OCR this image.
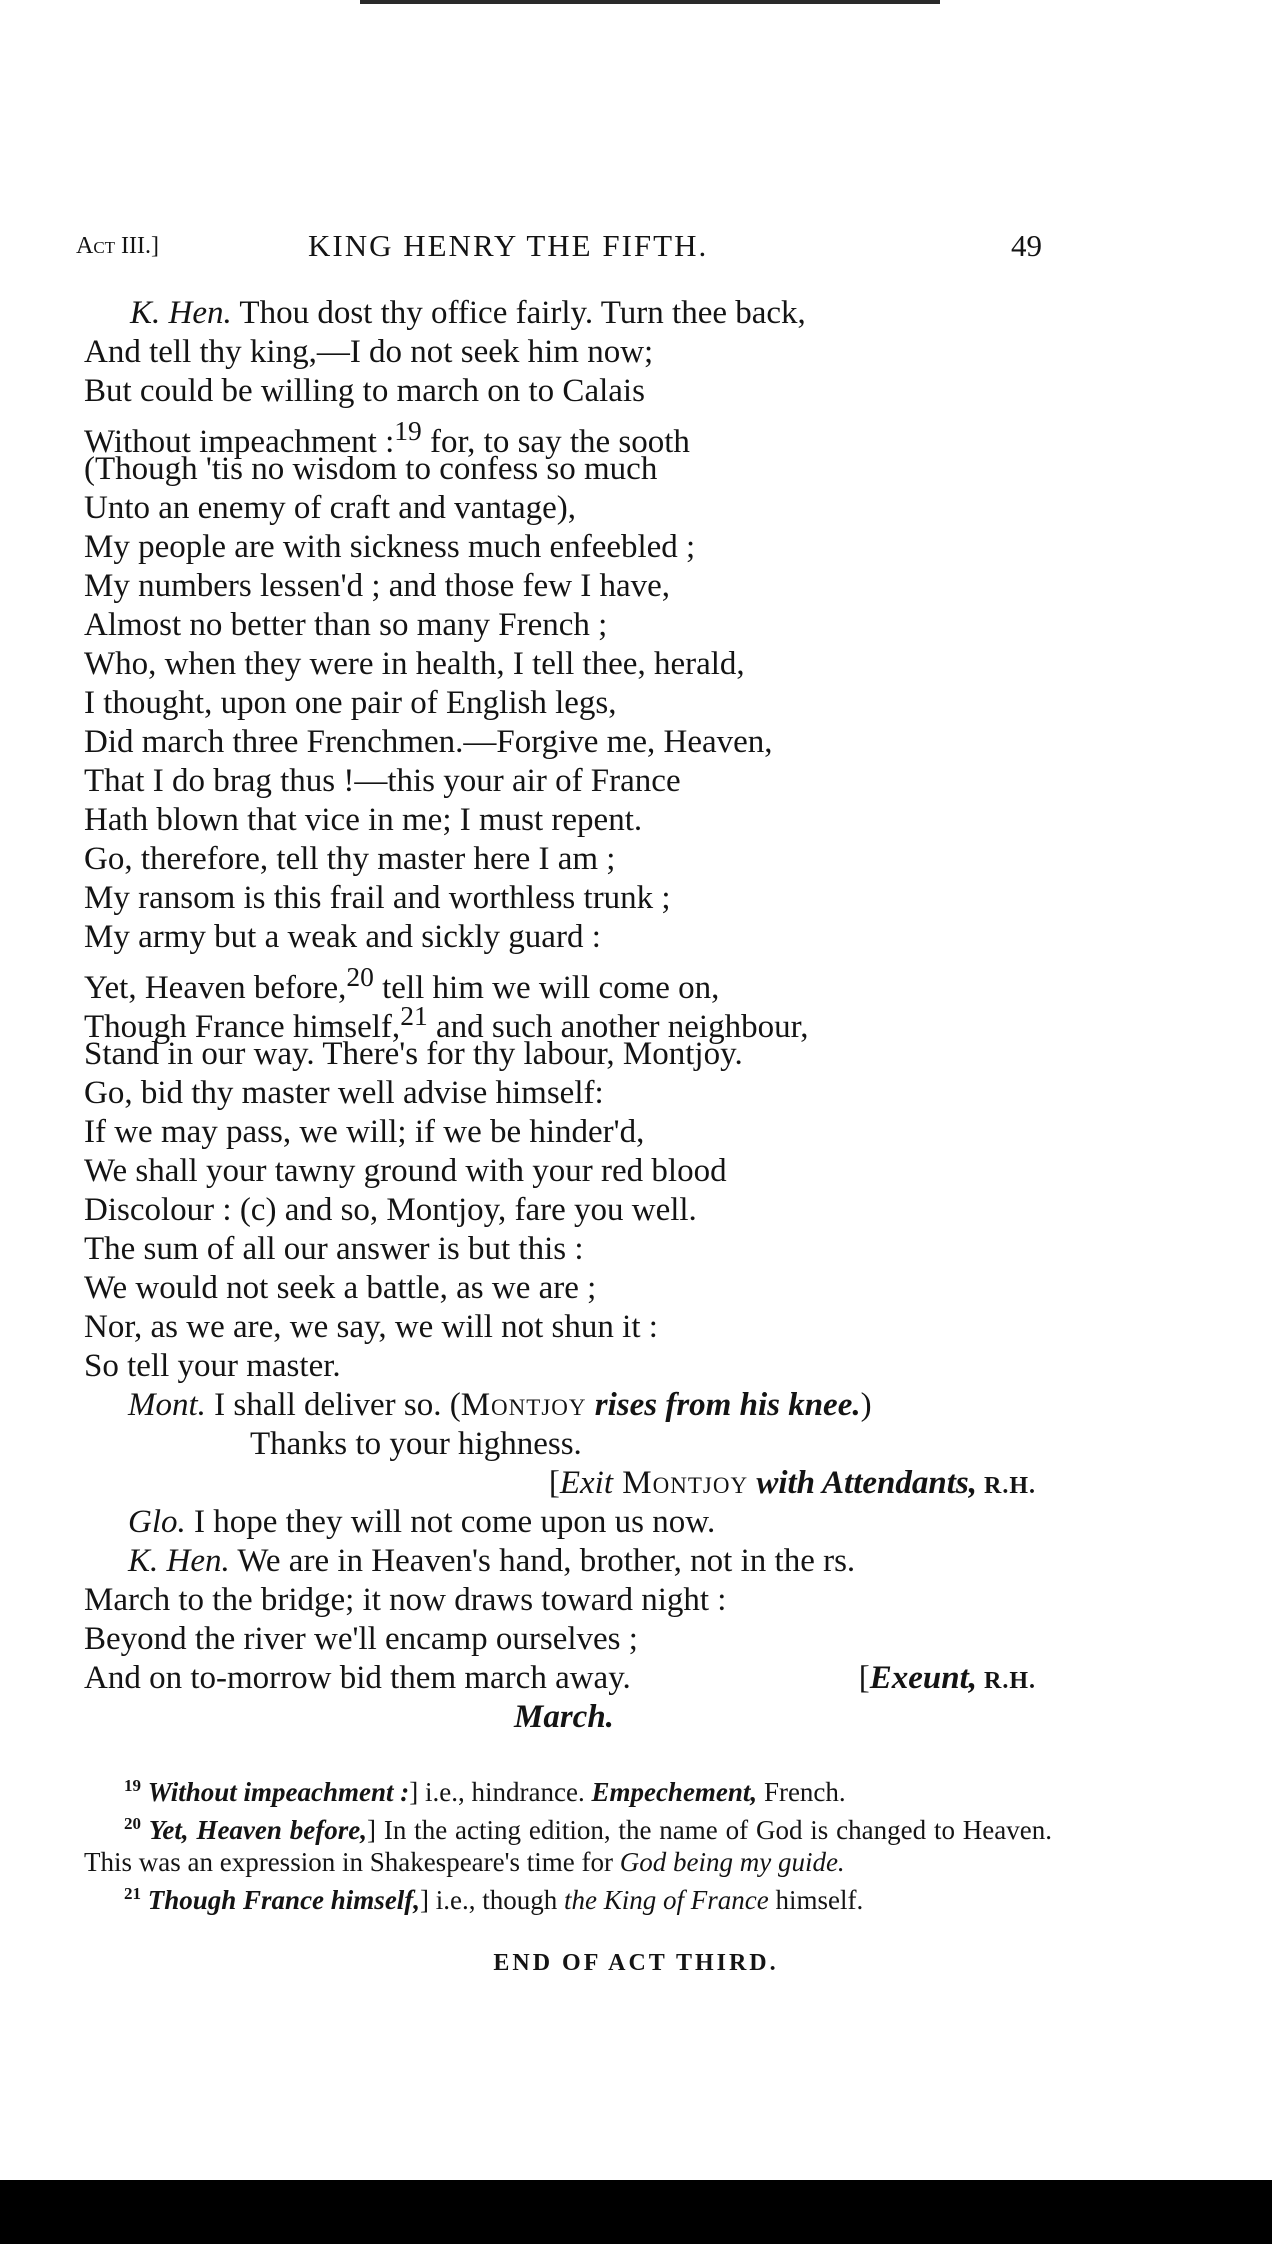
Act III.]	KING HENRY THE FIFTH.	49
K. Hen. Thou dost thy office fairly. Turn thee back,
And tell thy king,—I do not seek him now;
But could be willing to march on to Calais
Without impeachment :$^{19}$ for, to say the sooth
(Though 'tis no wisdom to confess so much
Unto an enemy of craft and vantage),
My people are with sickness much enfeebled ;
My numbers lessen'd ; and those few I have,
Almost no better than so many French ;
Who, when they were in health, I tell thee, herald,
I thought, upon one pair of English legs,
Did march three Frenchmen.—Forgive me, Heaven,
That I do brag thus !—this your air of France
Hath blown that vice in me; I must repent.
Go, therefore, tell thy master here I am ;
My ransom is this frail and worthless trunk ;
My army but a weak and sickly guard :
Yet, Heaven before,$^{20}$ tell him we will come on,
Though France himself,$^{21}$ and such another neighbour,
Stand in our way. There's for thy labour, Montjoy.
Go, bid thy master well advise himself:
If we may pass, we will; if we be hinder'd,
We shall your tawny ground with your red blood
Discolour : (c) and so, Montjoy, fare you well.
The sum of all our answer is but this :
We would not seek a battle, as we are ;
Nor, as we are, we say, we will not shun it :
So tell your master.
Mont. I shall deliver so. (Montjoy rises from his knee.)
Thanks to your highness.
[Exit Montjoy with Attendants, R.H.
Glo. I hope they will not come upon us now.
K. Hen. We are in Heaven's hand, brother, not in the rs.
March to the bridge; it now draws toward night :
Beyond the river we'll encamp ourselves ;
And on to-morrow bid them march away.	[Exeunt, R.H.
March.

$^{19}$ Without impeachment :] i.e., hindrance. Empechement, French.

$^{20}$ Yet, Heaven before,] In the acting edition, the name of God is changed to Heaven. This was an expression in Shakespeare's time for God being my guide.

$^{21}$ Though France himself,] i.e., though the King of France himself.

END OF ACT THIRD.
